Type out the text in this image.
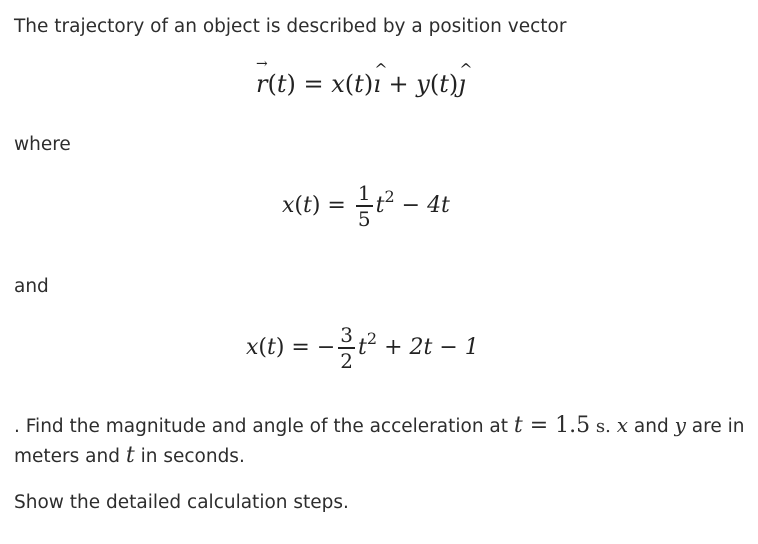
The trajectory of an object is described by a position vector
→ r(t) = x(t)^ ı + y(t)^ ȷ
where
$x(t) = \frac{1}{5} t^2 - 4t$
and
x(t) = − $\frac{3}{2} t^2 + 2t - 1$
. Find the magnitude and angle of the acceleration at t = 1.5 s. x and y are in
meters and t in seconds.
Show the detailed calculation steps.
